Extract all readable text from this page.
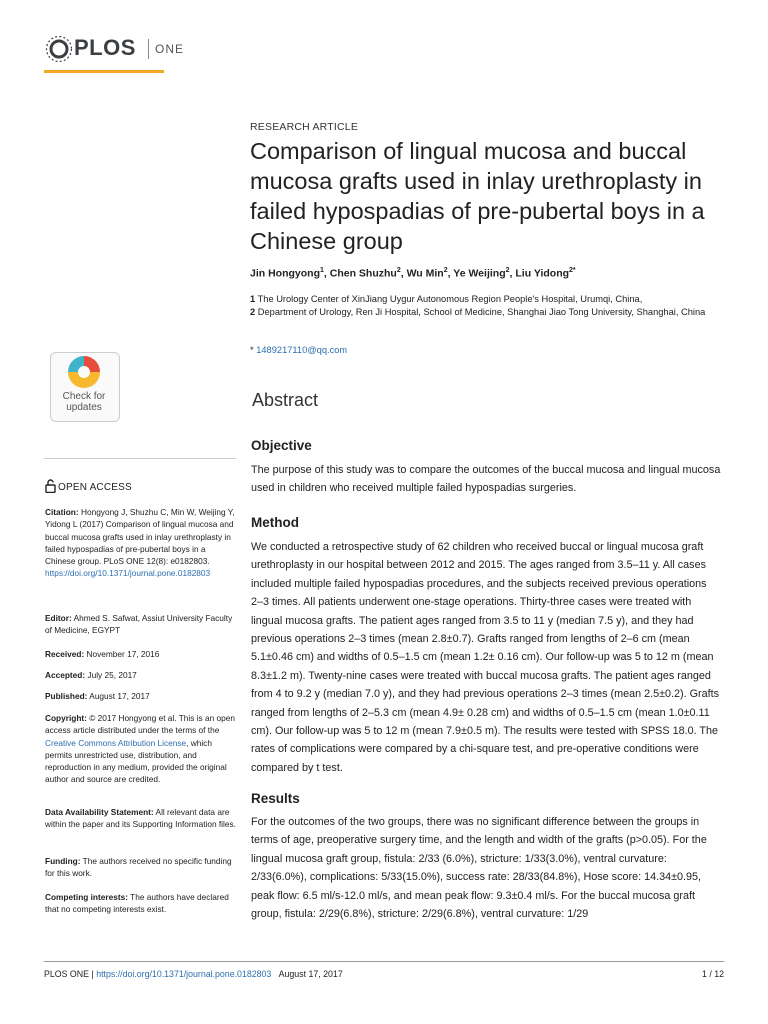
PLOS ONE
RESEARCH ARTICLE
Comparison of lingual mucosa and buccal mucosa grafts used in inlay urethroplasty in failed hypospadias of pre-pubertal boys in a Chinese group
Jin Hongyong$^1$, Chen Shuzhu$^2$, Wu Min$^2$, Ye Weijing$^2$, Liu Yidong$^{2*}$
1 The Urology Center of XinJiang Uygur Autonomous Region People's Hospital, Urumqi, China,
2 Department of Urology, Ren Ji Hospital, School of Medicine, Shanghai Jiao Tong University, Shanghai, China
* 1489217110@qq.com
Abstract
Objective
The purpose of this study was to compare the outcomes of the buccal mucosa and lingual mucosa used in children who received multiple failed hypospadias surgeries.
Method
We conducted a retrospective study of 62 children who received buccal or lingual mucosa graft urethroplasty in our hospital between 2012 and 2015. The ages ranged from 3.5–11 y. All cases included multiple failed hypospadias procedures, and the subjects received previous operations 2–3 times. All patients underwent one-stage operations. Thirty-three cases were treated with lingual mucosa grafts. The patient ages ranged from 3.5 to 11 y (median 7.5 y), and they had previous operations 2–3 times (mean 2.8±0.7). Grafts ranged from lengths of 2–6 cm (mean 5.1±0.46 cm) and widths of 0.5–1.5 cm (mean 1.2± 0.16 cm). Our follow-up was 5 to 12 m (mean 8.3±1.2 m). Twenty-nine cases were treated with buccal mucosa grafts. The patient ages ranged from 4 to 9.2 y (median 7.0 y), and they had previous operations 2–3 times (mean 2.5±0.2). Grafts ranged from lengths of 2–5.3 cm (mean 4.9± 0.28 cm) and widths of 0.5–1.5 cm (mean 1.0±0.11 cm). Our follow-up was 5 to 12 m (mean 7.9±0.5 m). The results were tested with SPSS 18.0. The rates of complications were compared by a chi-square test, and pre-operative conditions were compared by t test.
Results
For the outcomes of the two groups, there was no significant difference between the groups in terms of age, preoperative surgery time, and the length and width of the grafts (p>0.05). For the lingual mucosa graft group, fistula: 2/33 (6.0%), stricture: 1/33(3.0%), ventral curvature: 2/33(6.0%), complications: 5/33(15.0%), success rate: 28/33(84.8%), Hose score: 14.34±0.95, peak flow: 6.5 ml/s-12.0 ml/s, and mean peak flow: 9.3±0.4 ml/s. For the buccal mucosa graft group, fistula: 2/29(6.8%), stricture: 2/29(6.8%), ventral curvature: 1/29
Check for updates
OPEN ACCESS
Citation: Hongyong J, Shuzhu C, Min W, Weijing Y, Yidong L (2017) Comparison of lingual mucosa and buccal mucosa grafts used in inlay urethroplasty in failed hypospadias of pre-pubertal boys in a Chinese group. PLoS ONE 12(8): e0182803. https://doi.org/10.1371/journal.pone.0182803
Editor: Ahmed S. Safwat, Assiut University Faculty of Medicine, EGYPT
Received: November 17, 2016
Accepted: July 25, 2017
Published: August 17, 2017
Copyright: © 2017 Hongyong et al. This is an open access article distributed under the terms of the Creative Commons Attribution License, which permits unrestricted use, distribution, and reproduction in any medium, provided the original author and source are credited.
Data Availability Statement: All relevant data are within the paper and its Supporting Information files.
Funding: The authors received no specific funding for this work.
Competing interests: The authors have declared that no competing interests exist.
PLOS ONE | https://doi.org/10.1371/journal.pone.0182803 August 17, 2017	1 / 12
